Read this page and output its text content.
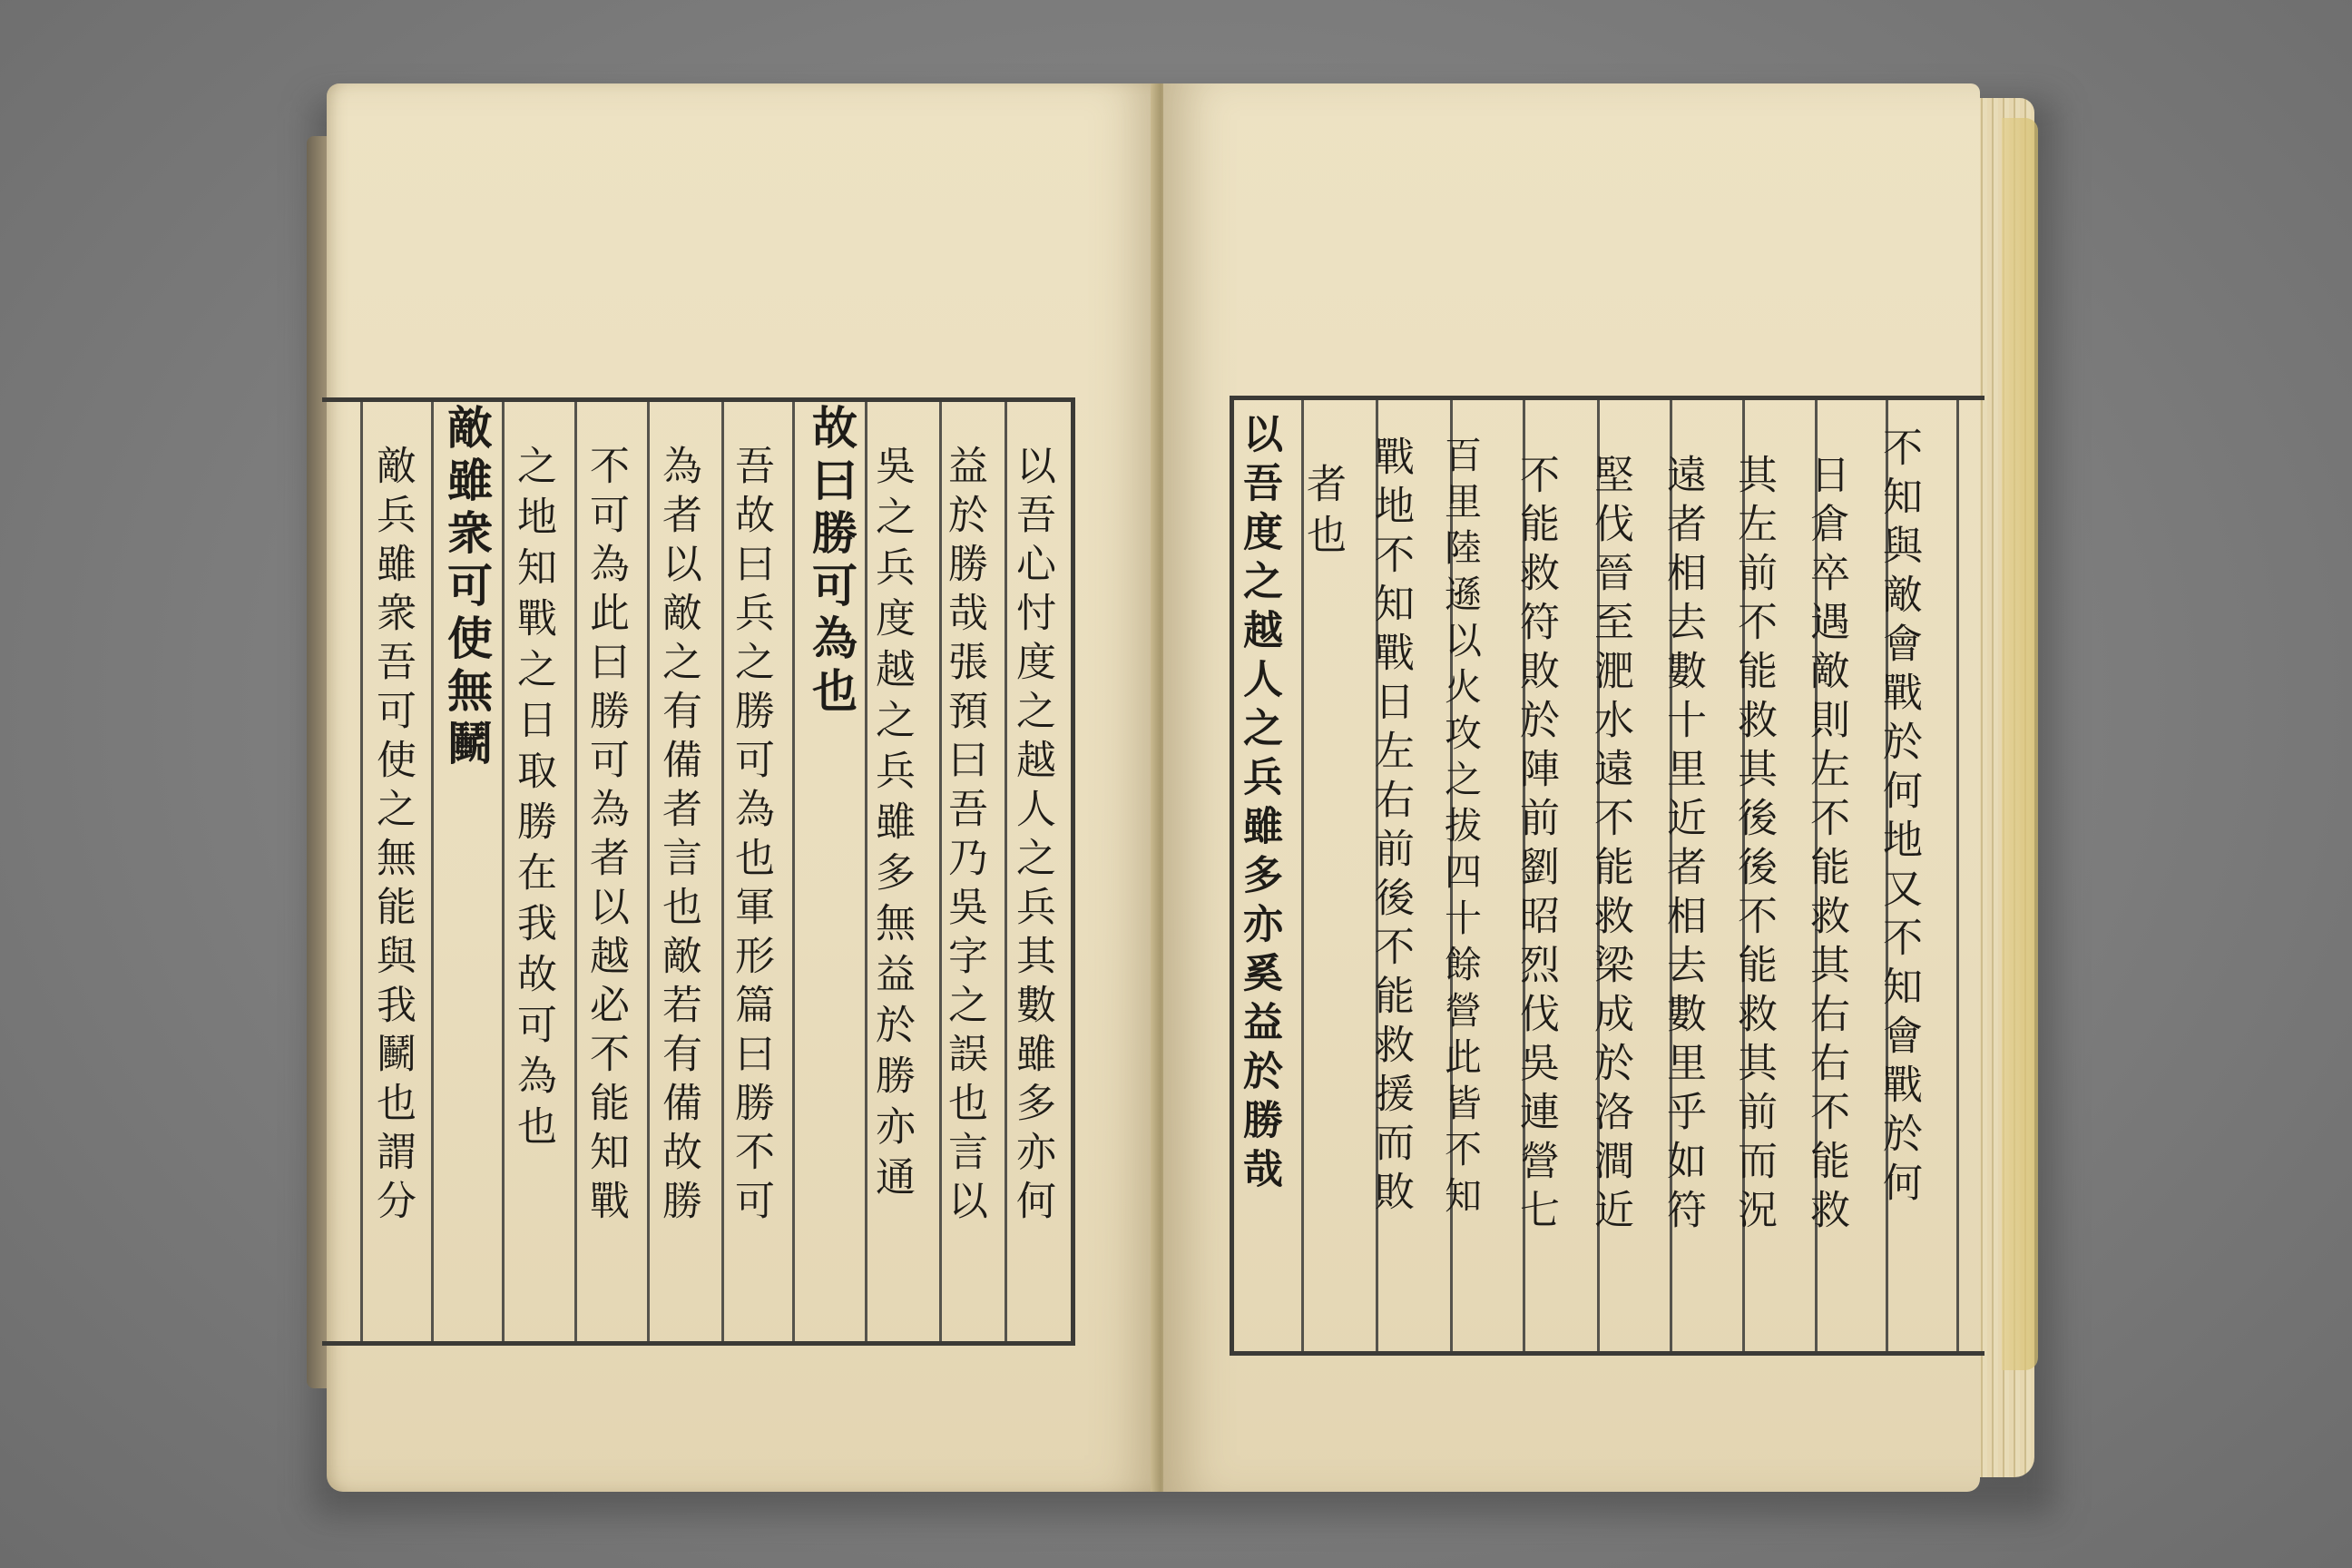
以吾心忖度之越人之兵其數雖多亦何
益於勝哉張預曰吾乃吳字之誤也言以
吳之兵度越之兵雖多無益於勝亦通
故曰勝可為也
吾故曰兵之勝可為也軍形篇曰勝不可
為者以敵之有備者言也敵若有備故勝
不可為此曰勝可為者以越必不能知戰
之地知戰之日取勝在我故可為也
敵雖衆可使無鬭
敵兵雖衆吾可使之無能與我鬭也謂分	不知與敵會戰於何地又不知會戰於何
日倉卒遇敵則左不能救其右右不能救
其左前不能救其後後不能救其前而況
遠者相去數十里近者相去數里乎如符
堅伐晉至淝水遠不能救梁成於洛澗近
不能救符敗於陣前劉昭烈伐吳連營七
百里陸遜以火攻之拔四十餘營此皆不知
戰地不知戰日左右前後不能救援而敗
者也
以吾度之越人之兵雖多亦奚益於勝哉
